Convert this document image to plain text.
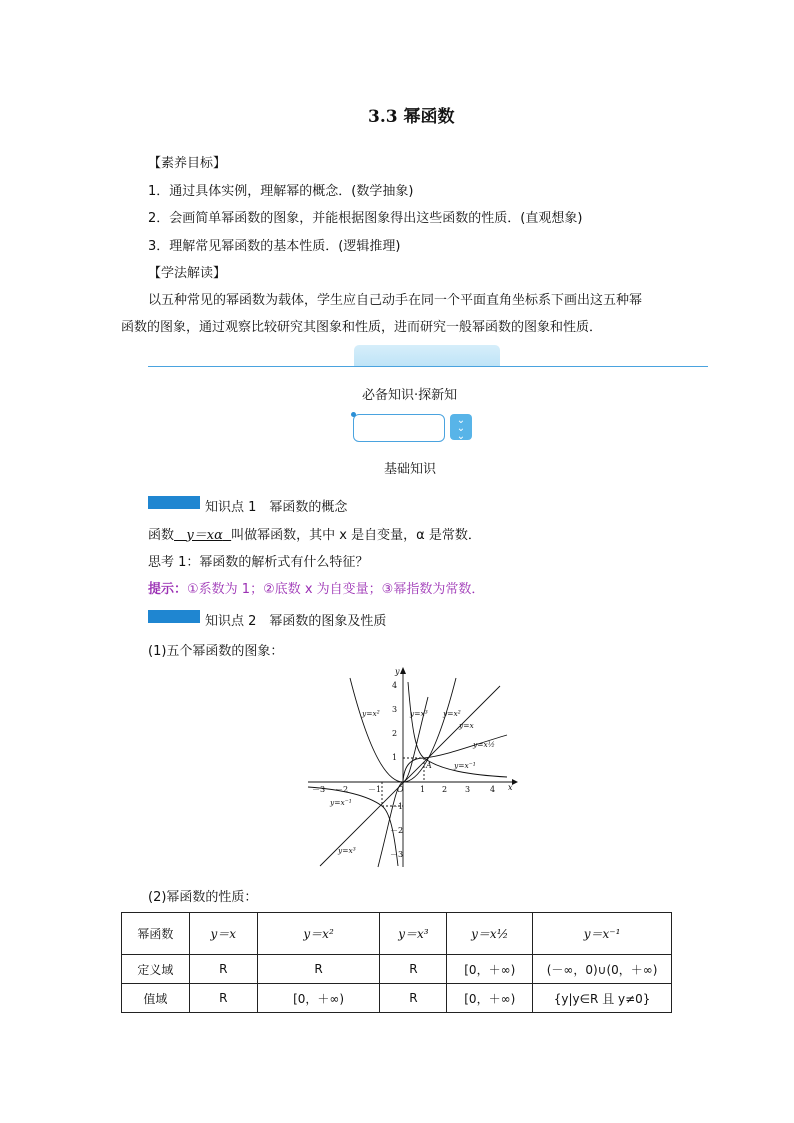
3.3 幂函数
【素养目标】
1．通过具体实例，理解幂的概念．(数学抽象)
2．会画简单幂函数的图象，并能根据图象得出这些函数的性质．(直观想象)
3．理解常见幂函数的基本性质．(逻辑推理)
【学法解读】
以五种常见的幂函数为载体，学生应自己动手在同一个平面直角坐标系下画出这五种幂
函数的图象，通过观察比较研究其图象和性质，进而研究一般幂函数的图象和性质．
必备知识·探新知
⌄
⌄
⌄
基础知识
知识点 1　幂函数的概念
函数 y＝xα 叫做幂函数，其中 x 是自变量，α 是常数．
思考 1：幂函数的解析式有什么特征？
提示：①系数为 1；②底数 x 为自变量；③幂指数为常数．
知识点 2　幂函数的图象及性质
(1)五个幂函数的图象：
－3 －2 －1 O 1 2 3 4 x
4
3
2
1
－1
－2
－3
y
A
y=x²	y=x³ y=x²
y=x
y=x½
y=x⁻¹
y=x⁻¹
y=x³
(2)幂函数的性质：
幂函数	y＝x	y＝x²	y＝x³	y＝x½	y＝x⁻¹
定义域	R	R	R	[0，＋∞)	(－∞，0)∪(0，＋∞)
值域	R	[0，＋∞)	R	[0，＋∞)	{y|y∈R 且 y≠0}
